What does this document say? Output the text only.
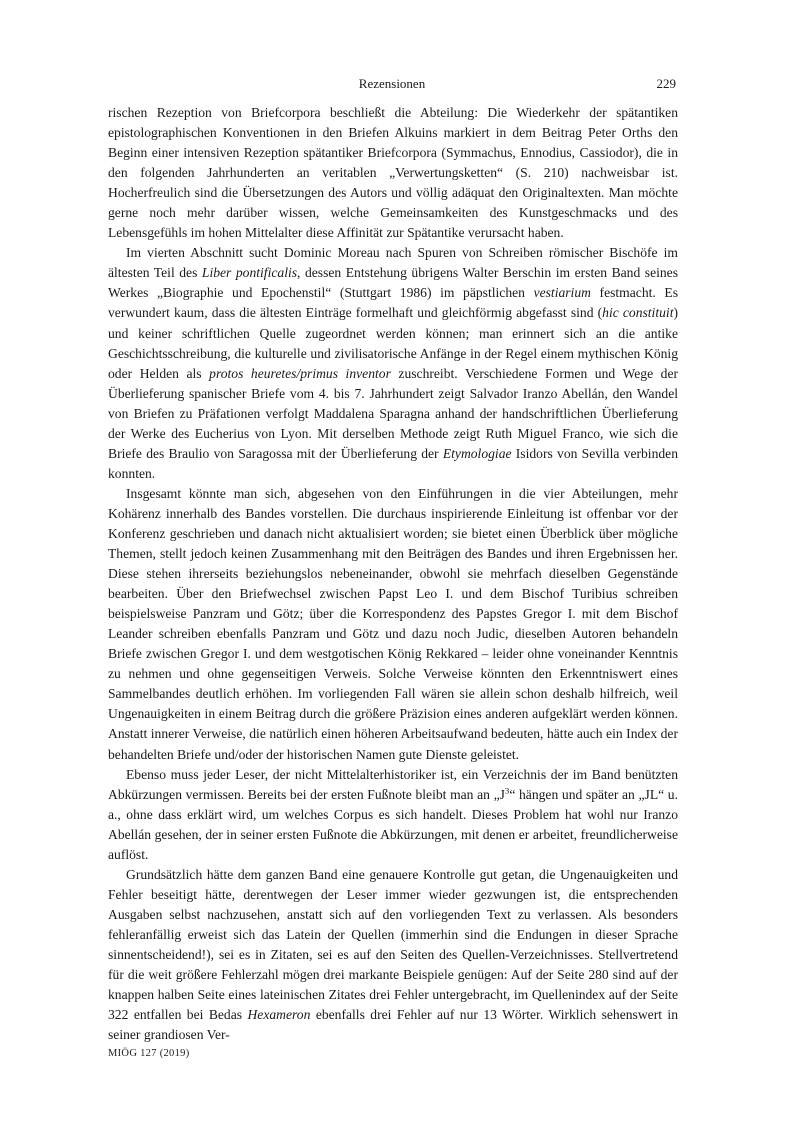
Rezensionen	229

rischen Rezeption von Briefcorpora beschließt die Abteilung: Die Wiederkehr der spätantiken epistolographischen Konventionen in den Briefen Alkuins markiert in dem Beitrag Peter Orths den Beginn einer intensiven Rezeption spätantiker Briefcorpora (Symmachus, Ennodius, Cassiodor), die in den folgenden Jahrhunderten an veritablen „Verwertungsketten“ (S. 210) nachweisbar ist. Hocherfreulich sind die Übersetzungen des Autors und völlig adäquat den Originaltexten. Man möchte gerne noch mehr darüber wissen, welche Gemeinsamkeiten des Kunstgeschmacks und des Lebensgefühls im hohen Mittelalter diese Affinität zur Spätantike verursacht haben.

Im vierten Abschnitt sucht Dominic Moreau nach Spuren von Schreiben römischer Bischöfe im ältesten Teil des Liber pontificalis, dessen Entstehung übrigens Walter Berschin im ersten Band seines Werkes „Biographie und Epochenstil“ (Stuttgart 1986) im päpstlichen vestiarium festmacht. Es verwundert kaum, dass die ältesten Einträge formelhaft und gleichförmig abgefasst sind (hic constituit) und keiner schriftlichen Quelle zugeordnet werden können; man erinnert sich an die antike Geschichtsschreibung, die kulturelle und zivilisatorische Anfänge in der Regel einem mythischen König oder Helden als protos heuretes/primus inventor zuschreibt. Verschiedene Formen und Wege der Überlieferung spanischer Briefe vom 4. bis 7. Jahrhundert zeigt Salvador Iranzo Abellán, den Wandel von Briefen zu Präfationen verfolgt Maddalena Sparagna anhand der handschriftlichen Überlieferung der Werke des Eucherius von Lyon. Mit derselben Methode zeigt Ruth Miguel Franco, wie sich die Briefe des Braulio von Saragossa mit der Überlieferung der Etymologiae Isidors von Sevilla verbinden konnten.

Insgesamt könnte man sich, abgesehen von den Einführungen in die vier Abteilungen, mehr Kohärenz innerhalb des Bandes vorstellen. Die durchaus inspirierende Einleitung ist offenbar vor der Konferenz geschrieben und danach nicht aktualisiert worden; sie bietet einen Überblick über mögliche Themen, stellt jedoch keinen Zusammenhang mit den Beiträgen des Bandes und ihren Ergebnissen her. Diese stehen ihrerseits beziehungslos nebeneinander, obwohl sie mehrfach dieselben Gegenstände bearbeiten. Über den Briefwechsel zwischen Papst Leo I. und dem Bischof Turibius schreiben beispielsweise Panzram und Götz; über die Korrespondenz des Papstes Gregor I. mit dem Bischof Leander schreiben ebenfalls Panzram und Götz und dazu noch Judic, dieselben Autoren behandeln Briefe zwischen Gregor I. und dem westgotischen König Rekkared – leider ohne voneinander Kenntnis zu nehmen und ohne gegenseitigen Verweis. Solche Verweise könnten den Erkenntniswert eines Sammelbandes deutlich erhöhen. Im vorliegenden Fall wären sie allein schon deshalb hilfreich, weil Ungenauigkeiten in einem Beitrag durch die größere Präzision eines anderen aufgeklärt werden können. Anstatt innerer Verweise, die natürlich einen höheren Arbeitsaufwand bedeuten, hätte auch ein Index der behandelten Briefe und/oder der historischen Namen gute Dienste geleistet.

Ebenso muss jeder Leser, der nicht Mittelalterhistoriker ist, ein Verzeichnis der im Band benützten Abkürzungen vermissen. Bereits bei der ersten Fußnote bleibt man an $„J^3“$ hängen und später an „JL“ u. a., ohne dass erklärt wird, um welches Corpus es sich handelt. Dieses Problem hat wohl nur Iranzo Abellán gesehen, der in seiner ersten Fußnote die Abkürzungen, mit denen er arbeitet, freundlicherweise auflöst.

Grundsätzlich hätte dem ganzen Band eine genauere Kontrolle gut getan, die Ungenauigkeiten und Fehler beseitigt hätte, derentwegen der Leser immer wieder gezwungen ist, die entsprechenden Ausgaben selbst nachzusehen, anstatt sich auf den vorliegenden Text zu verlassen. Als besonders fehleranfällig erweist sich das Latein der Quellen (immerhin sind die Endungen in dieser Sprache sinnentscheidend!), sei es in Zitaten, sei es auf den Seiten des Quellen-Verzeichnisses. Stellvertretend für die weit größere Fehlerzahl mögen drei markante Beispiele genügen: Auf der Seite 280 sind auf der knappen halben Seite eines lateinischen Zitates drei Fehler untergebracht, im Quellenindex auf der Seite 322 entfallen bei Bedas Hexameron ebenfalls drei Fehler auf nur 13 Wörter. Wirklich sehenswert in seiner grandiosen Ver-

MIÖG 127 (2019)
